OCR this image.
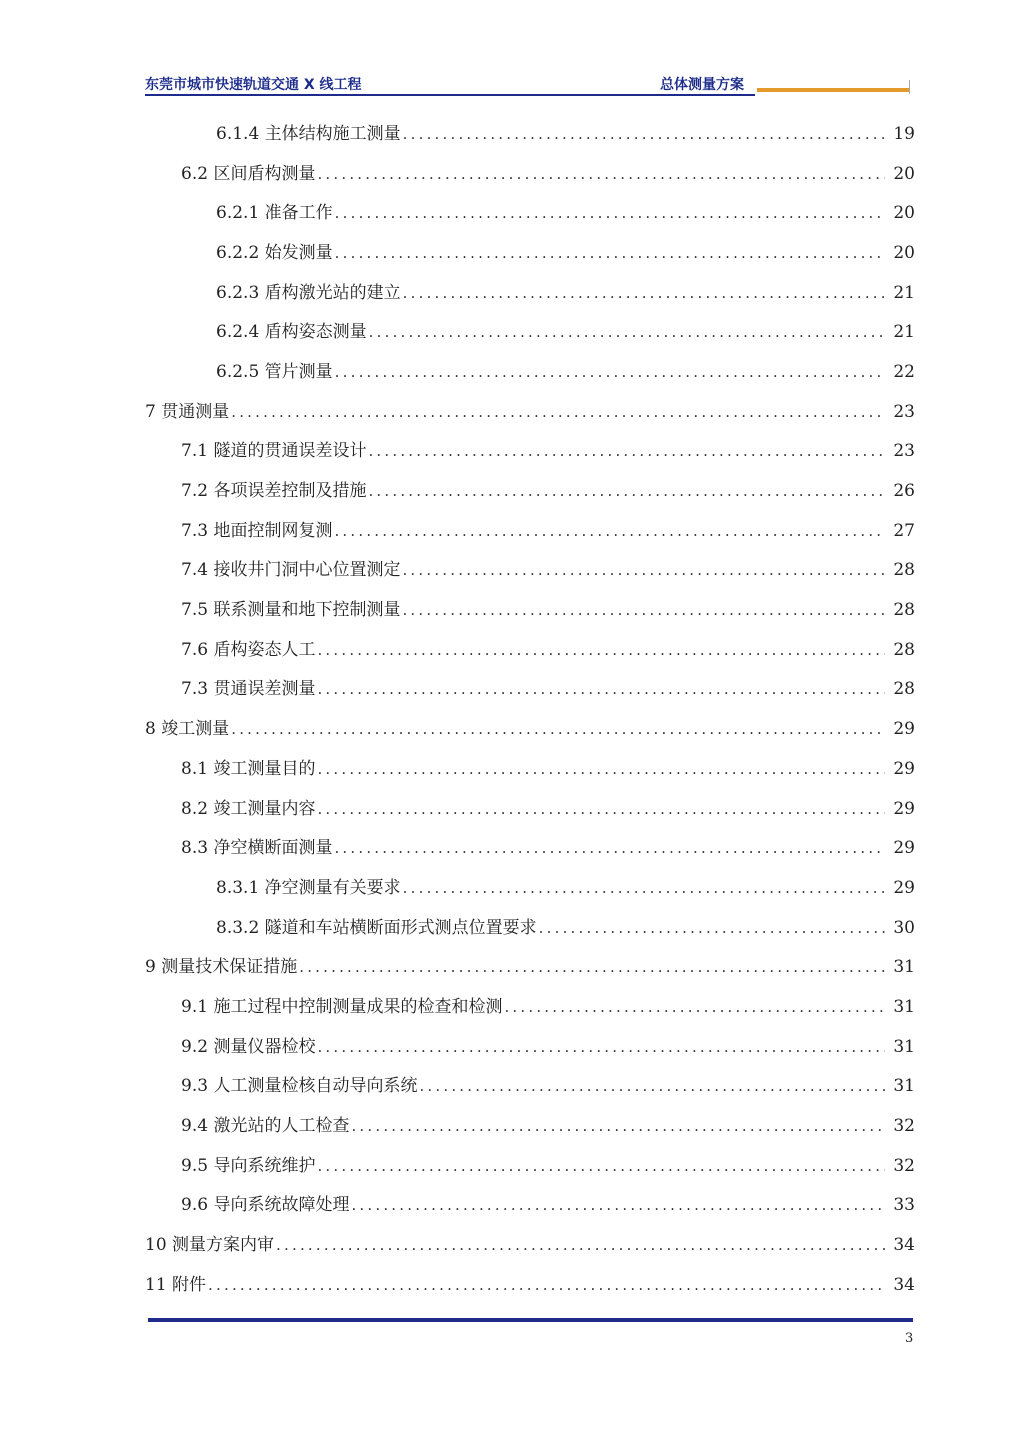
东莞市城市快速轨道交通 X 线工程	总体测量方案
6.1.4 主体结构施工测量 .....	19
6.2 区间盾构测量 .....	20
6.2.1 准备工作 .....	20
6.2.2 始发测量 .....	20
6.2.3 盾构激光站的建立 .....	21
6.2.4 盾构姿态测量 .....	21
6.2.5 管片测量 .....	22
7 贯通测量 .....	23
7.1 隧道的贯通误差设计 .....	23
7.2 各项误差控制及措施 .....	26
7.3 地面控制网复测 .....	27
7.4 接收井门洞中心位置测定 .....	28
7.5 联系测量和地下控制测量 .....	28
7.6 盾构姿态人工 .....	28
7.3 贯通误差测量 .....	28
8 竣工测量 .....	29
8.1 竣工测量目的 .....	29
8.2 竣工测量内容 .....	29
8.3 净空横断面测量 .....	29
8.3.1 净空测量有关要求 .....	29
8.3.2 隧道和车站横断面形式测点位置要求 .....	30
9 测量技术保证措施 .....	31
9.1 施工过程中控制测量成果的检查和检测 .....	31
9.2 测量仪器检校 .....	31
9.3 人工测量检核自动导向系统 .....	31
9.4 激光站的人工检查 .....	32
9.5 导向系统维护 .....	32
9.6 导向系统故障处理 .....	33
10 测量方案内审 .....	34
11 附件 .....	34
3
